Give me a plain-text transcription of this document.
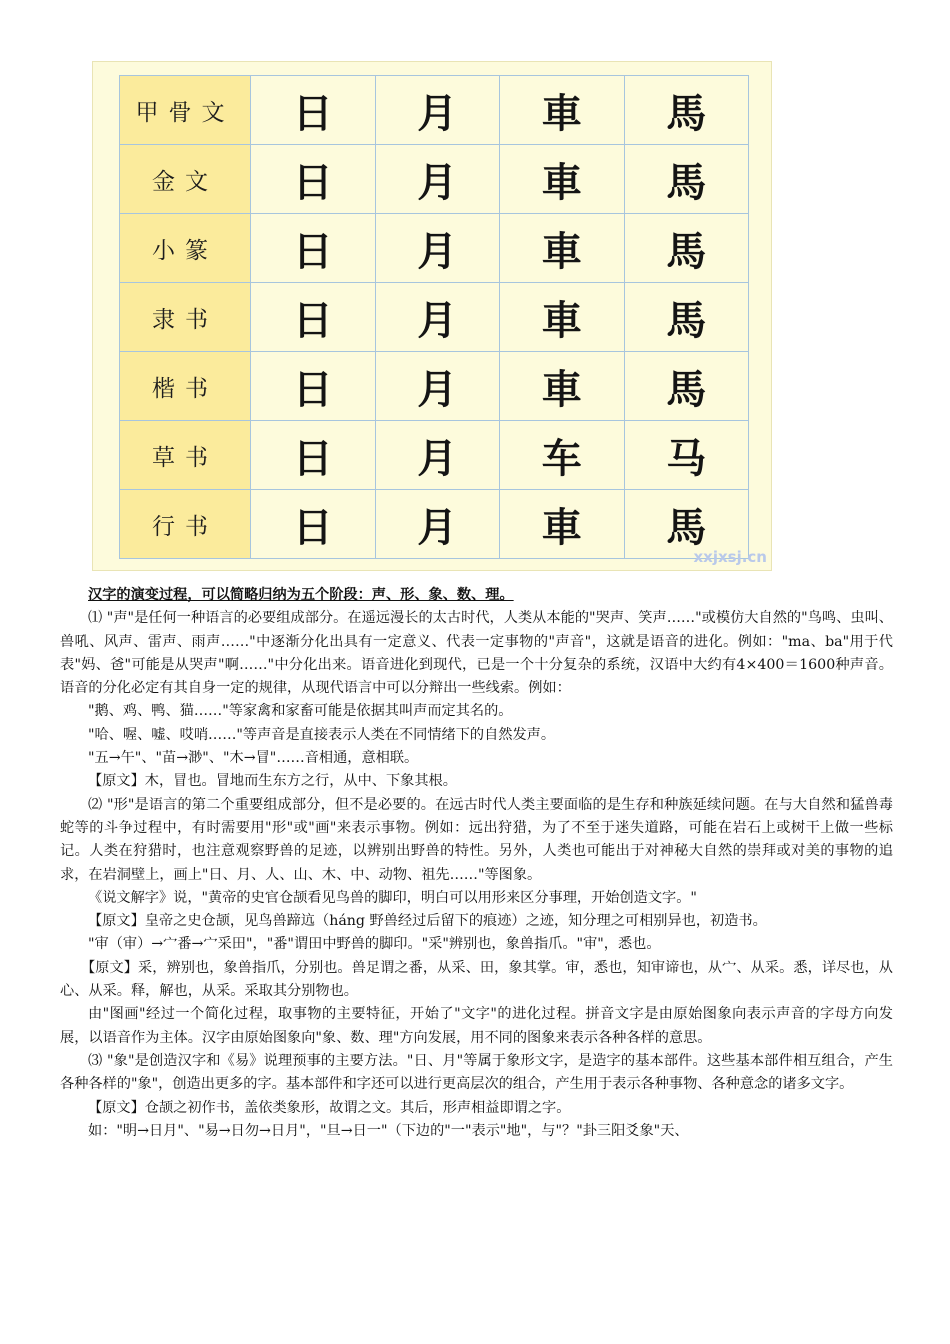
甲骨文	日	月	車	馬
金文	日	月	車	馬
小篆	日	月	車	馬
隶书	日	月	車	馬
楷书	日	月	車	馬
草书	日	月	车	马
行书	日	月	車	馬
xxjxsj.cn

汉字的演变过程，可以简略归纳为五个阶段：声、形、象、数、理。

⑴ "声"是任何一种语言的必要组成部分。在遥远漫长的太古时代，人类从本能的"哭声、笑声……"或模仿大自然的"鸟鸣、虫叫、兽吼、风声、雷声、雨声……"中逐渐分化出具有一定意义、代表一定事物的"声音"，这就是语音的进化。例如："ma、ba"用于代表"妈、爸"可能是从哭声"啊……"中分化出来。语音进化到现代，已是一个十分复杂的系统，汉语中大约有4×400＝1600种声音。语音的分化必定有其自身一定的规律，从现代语言中可以分辩出一些线索。例如：

"鹅、鸡、鸭、猫……"等家禽和家畜可能是依据其叫声而定其名的。

"哈、喔、嘘、哎哨……"等声音是直接表示人类在不同情绪下的自然发声。

"五→午"、"苗→渺"、"木→冒"……音相通，意相联。

【原文】木，冒也。冒地而生东方之行，从中、下象其根。

⑵ "形"是语言的第二个重要组成部分，但不是必要的。在远古时代人类主要面临的是生存和种族延续问题。在与大自然和猛兽毒蛇等的斗争过程中，有时需要用"形"或"画"来表示事物。例如：远出狩猎，为了不至于迷失道路，可能在岩石上或树干上做一些标记。人类在狩猎时，也注意观察野兽的足迹，以辨别出野兽的特性。另外，人类也可能出于对神秘大自然的崇拜或对美的事物的追求，在岩洞壁上，画上"日、月、人、山、木、中、动物、祖先……"等图象。

《说文解字》说，"黄帝的史官仓颉看见鸟兽的脚印，明白可以用形来区分事理，开始创造文字。"

【原文】皇帝之史仓颉，见鸟兽蹄迒（háng 野兽经过后留下的痕迹）之迹，知分理之可相别异也，初造书。

"审（审）→宀番→宀采田"，"番"谓田中野兽的脚印。"采"辨别也，象兽指爪。"审"，悉也。

【原文】采，辨别也，象兽指爪，分别也。兽足谓之番，从采、田，象其掌。审，悉也，知审谛也，从宀、从采。悉，详尽也，从心、从采。释，解也，从采。采取其分别物也。

由"图画"经过一个简化过程，取事物的主要特征，开始了"文字"的进化过程。拼音文字是由原始图象向表示声音的字母方向发展，以语音作为主体。汉字由原始图象向"象、数、理"方向发展，用不同的图象来表示各种各样的意思。

⑶ "象"是创造汉字和《易》说理预事的主要方法。"日、月"等属于象形文字，是造字的基本部件。这些基本部件相互组合，产生各种各样的"象"，创造出更多的字。基本部件和字还可以进行更高层次的组合，产生用于表示各种事物、各种意念的诸多文字。

【原文】仓颉之初作书，盖依类象形，故谓之文。其后，形声相益即谓之字。

如："明→日月"、"易→日勿→日月"，"旦→日一"（下边的"一"表示"地"，与"？"卦三阳爻象"天、
